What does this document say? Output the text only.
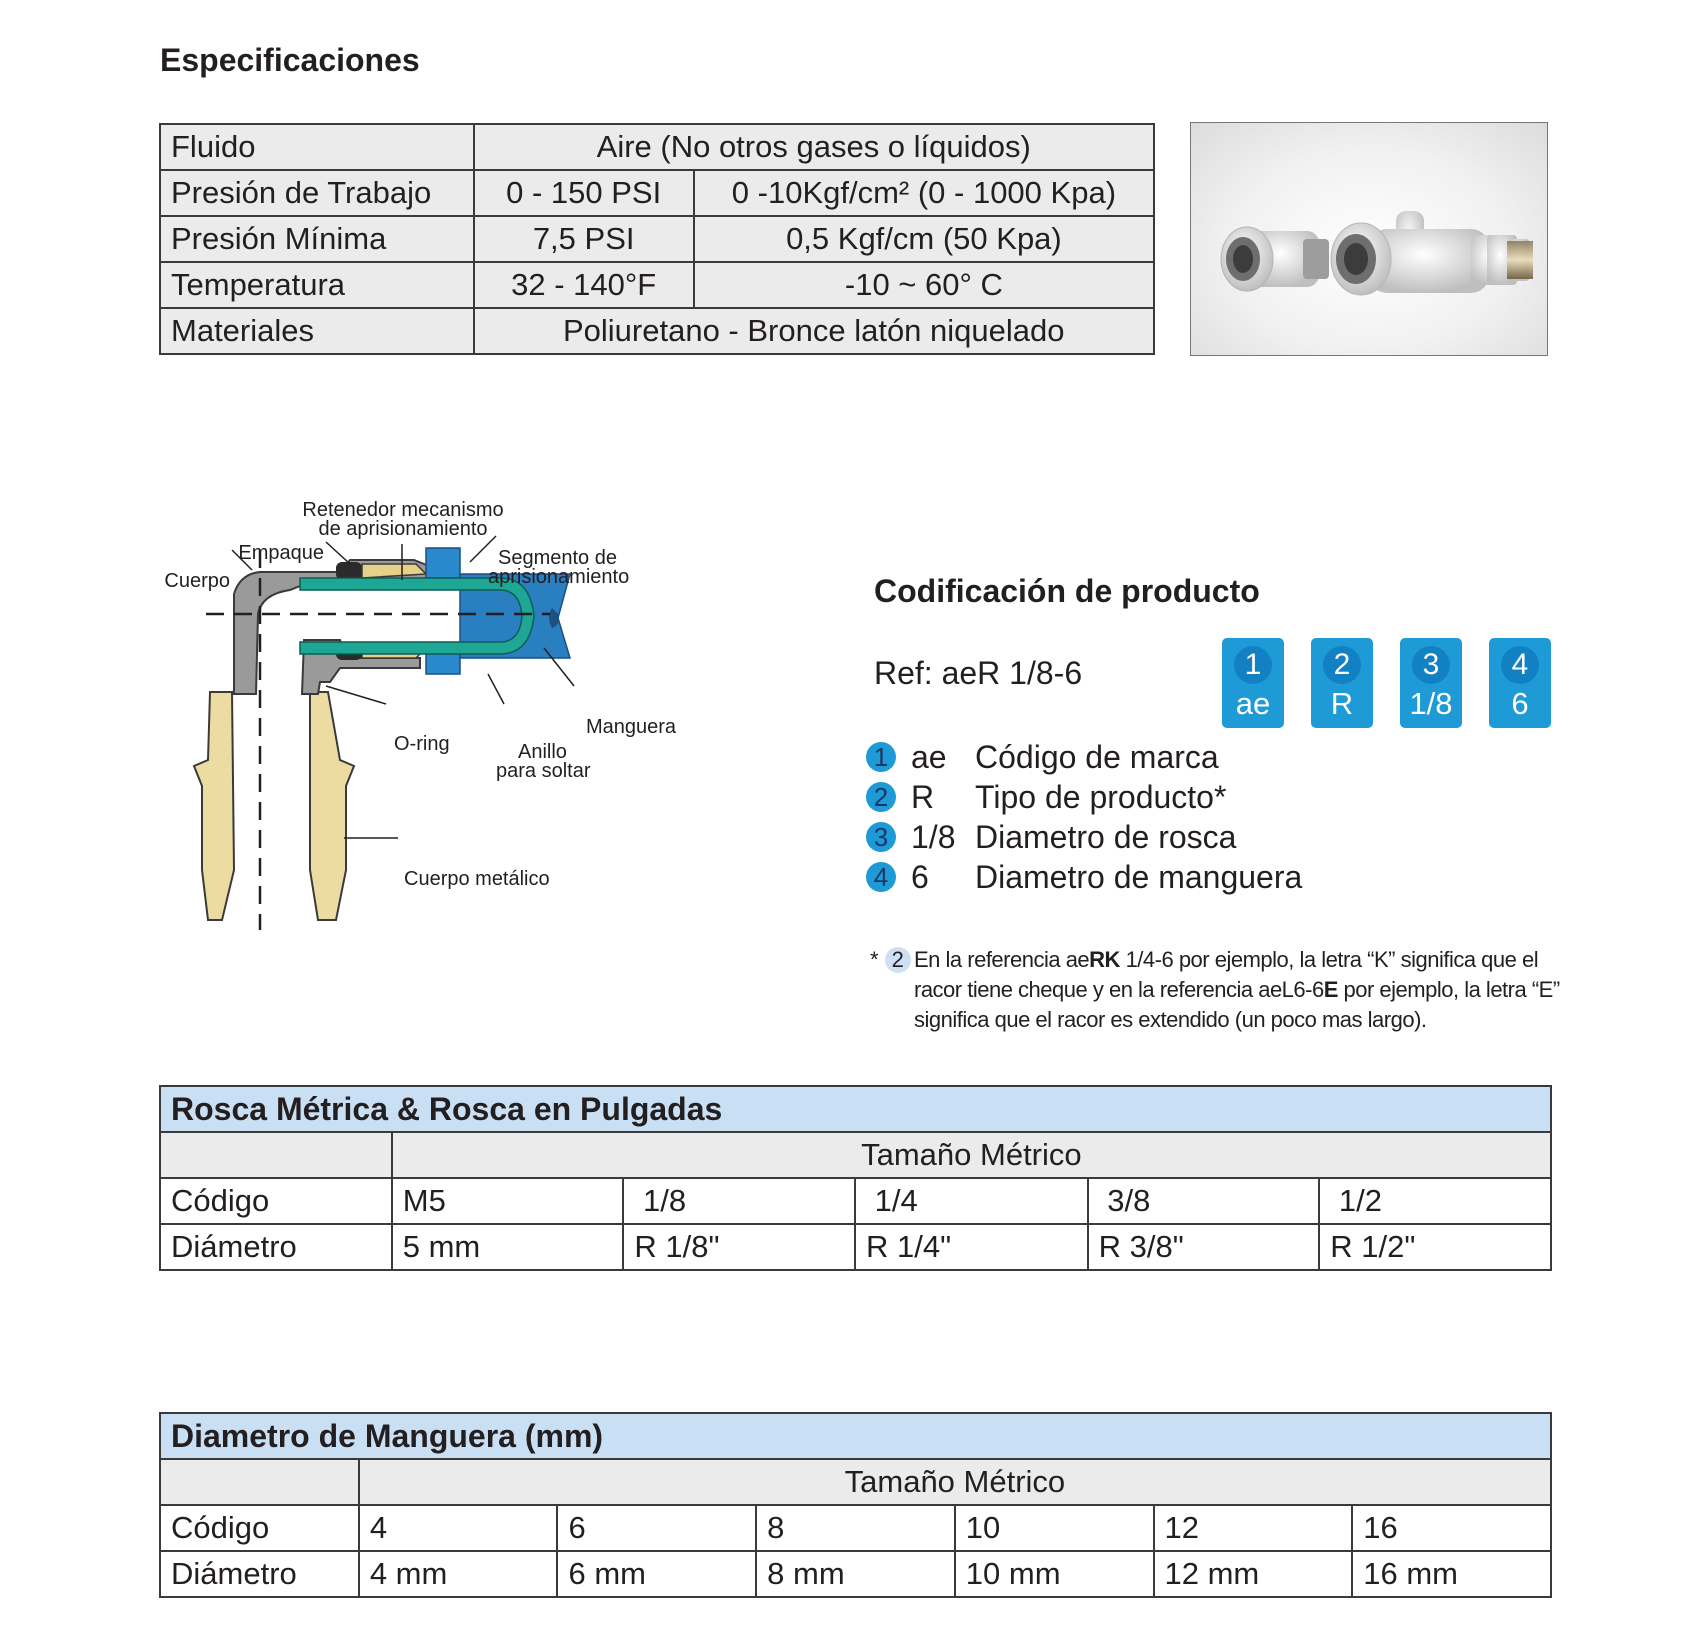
Especificaciones
Fluido	Aire (No otros gases o líquidos)	
Presión de Trabajo	0 - 150 PSI	0 -10Kgf/cm² (0 - 1000 Kpa)
Presión Mínima	7,5 PSI	0,5 Kgf/cm (50 Kpa)
Temperatura	32 - 140°F	-10 ~ 60° C
Materiales	Poliuretano - Bronce latón niquelado	
Retenedor mecanismo
de aprisionamiento
Empaque
Cuerpo
Segmento de
aprisionamiento
Manguera
O-ring	Anillo
para soltar
Cuerpo metálico
Codificación de producto
Ref: aeR 1/8-6	1
ae
2
R
3
1/8
4
6
1 ae Código de marca
2 R Tipo de producto*
3 1/8 Diametro de rosca
4 6 Diametro de manguera
* 2 En la referencia aeRK 1/4-6 por ejemplo, la letra “K” significa que el racor tiene cheque y en la referencia aeL6-6E por ejemplo, la letra “E” significa que el racor es extendido (un poco mas largo).
Rosca Métrica & Rosca en Pulgadas					
	Tamaño Métrico				
Código	M5	1/8	1/4	3/8	1/2
Diámetro	5 mm	R 1/8"	R 1/4"	R 3/8"	R 1/2"
Diametro de Manguera (mm)						
	Tamaño Métrico					
Código	4	6	8	10	12	16
Diámetro	4 mm	6 mm	8 mm	10 mm	12 mm	16 mm
